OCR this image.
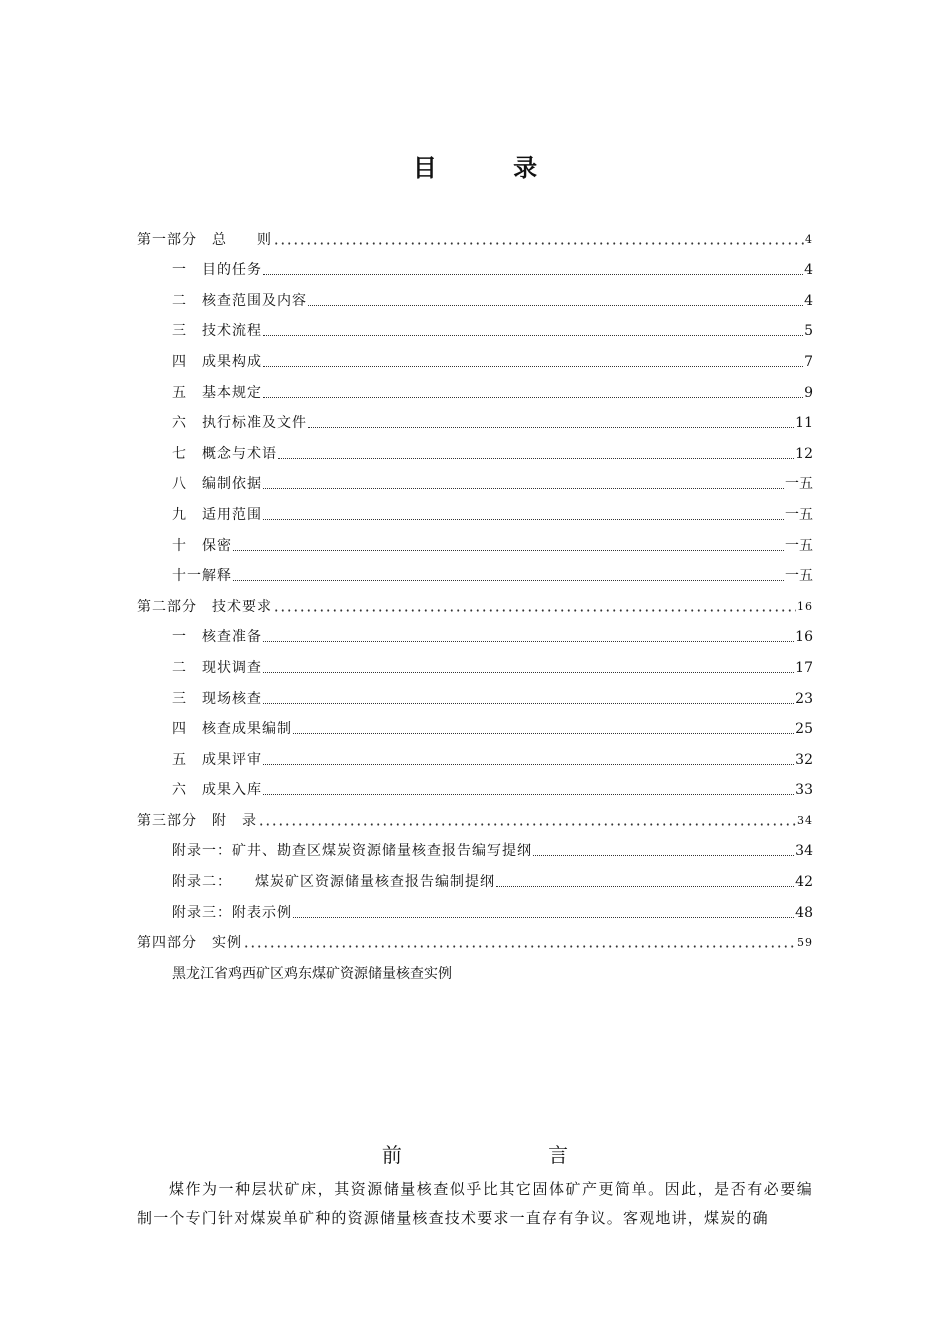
目 录
第一部分　总　　则	4
一　目的任务	4
二　核查范围及内容	4
三　技术流程	5
四　成果构成	7
五　基本规定	9
六　执行标准及文件	11
七　概念与术语	12
八　编制依据	一五
九　适用范围	一五
十　保密	一五
十一解释	一五
第二部分　技术要求	16
一　核查准备	16
二　现状调查	17
三　现场核查	23
四　核查成果编制	25
五　成果评审	32
六　成果入库	33
第三部分　附　录	34
附录一：矿井、勘查区煤炭资源储量核查报告编写提纲	34
附录二：　　煤炭矿区资源储量核查报告编制提纲	42
附录三：附表示例	48
第四部分　实例	59
黑龙江省鸡西矿区鸡东煤矿资源储量核查实例
前 言

煤作为一种层状矿床，其资源储量核查似乎比其它固体矿产更简单。因此，是否有必要编制一个专门针对煤炭单矿种的资源储量核查技术要求一直存有争议。客观地讲，煤炭的确
